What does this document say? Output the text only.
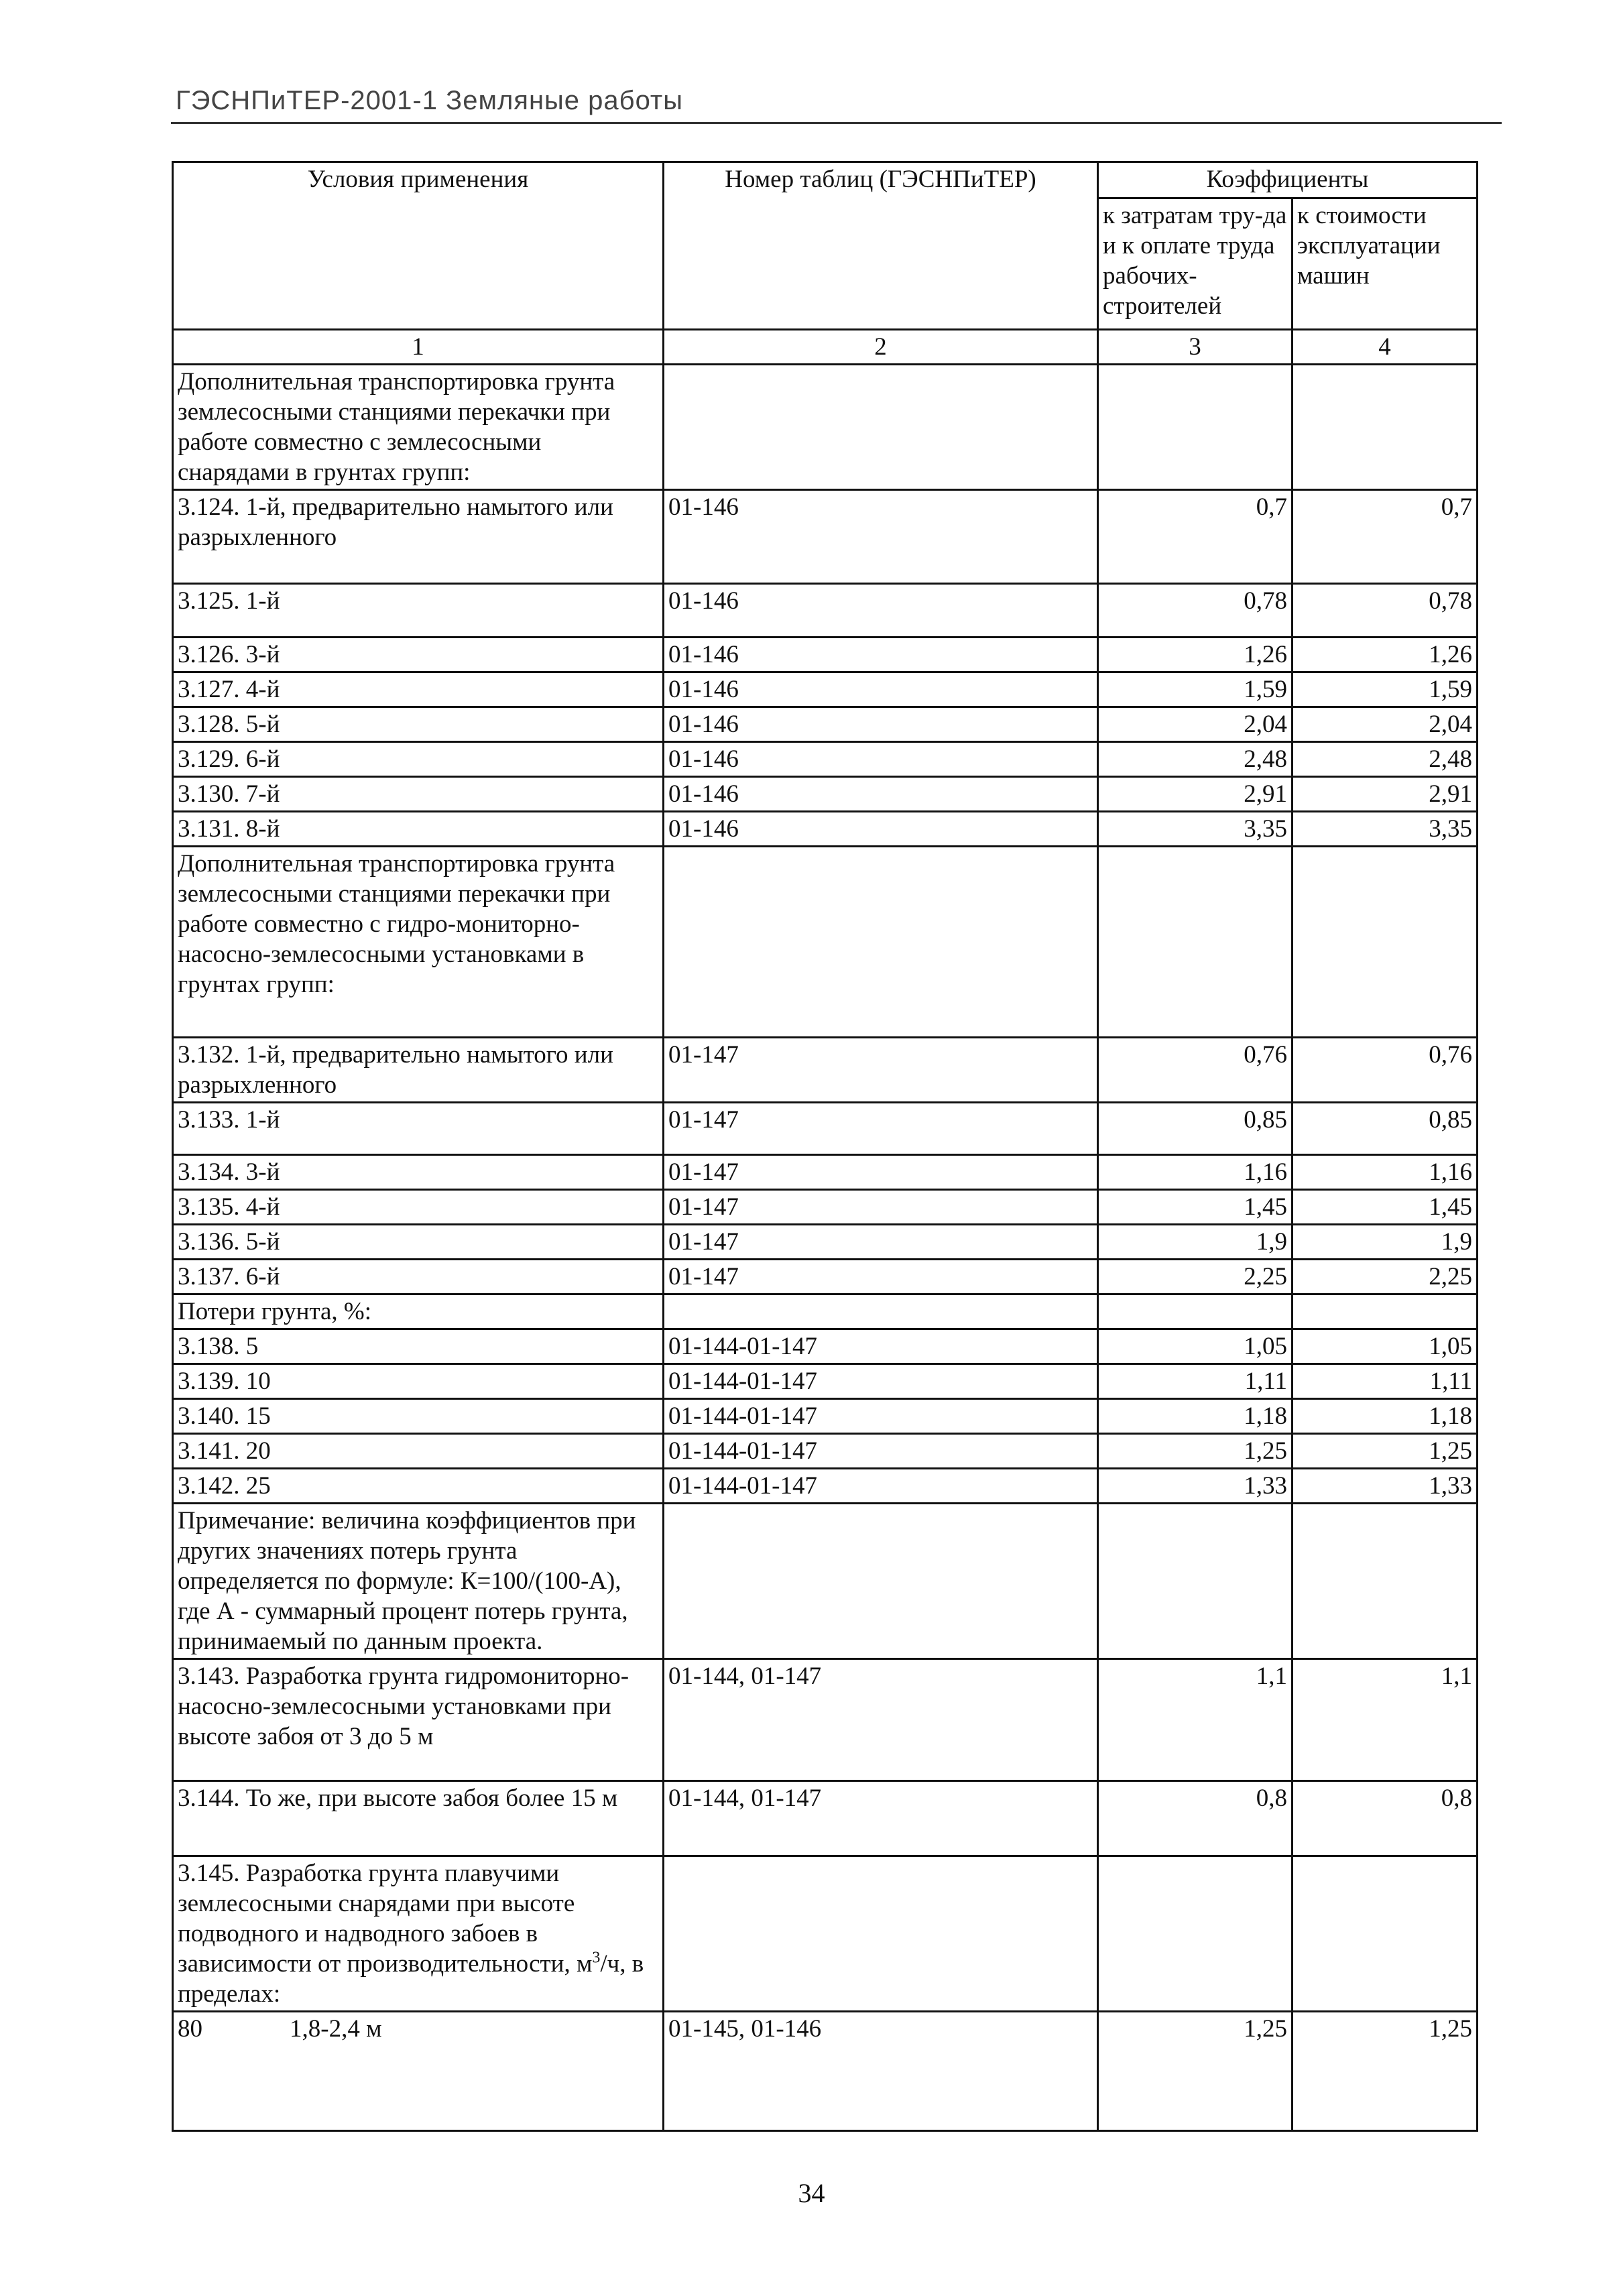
ГЭСНПиТЕР-2001-1 Земляные работы
Условия применения	Номер таблиц (ГЭСНПиТЕР)	Коэффициенты	
		к затратам тру-да и к оплате труда рабочих-строителей	к стоимости эксплуатации машин
1	2	3	4
Дополнительная транспортировка грунта землесосными станциями перекачки при работе совместно с землесосными снарядами в грунтах групп:			
3.124. 1-й, предварительно намытого или разрыхленного	01-146	0,7	0,7
3.125. 1-й	01-146	0,78	0,78
3.126. 3-й	01-146	1,26	1,26
3.127. 4-й	01-146	1,59	1,59
3.128. 5-й	01-146	2,04	2,04
3.129. 6-й	01-146	2,48	2,48
3.130. 7-й	01-146	2,91	2,91
3.131. 8-й	01-146	3,35	3,35
Дополнительная транспортировка грунта землесосными станциями перекачки при работе совместно с гидро-мониторно-насосно-землесосными установками в грунтах групп:			
3.132. 1-й, предварительно намытого или разрыхленного	01-147	0,76	0,76
3.133. 1-й	01-147	0,85	0,85
3.134. 3-й	01-147	1,16	1,16
3.135. 4-й	01-147	1,45	1,45
3.136. 5-й	01-147	1,9	1,9
3.137. 6-й	01-147	2,25	2,25
Потери грунта, %:			
3.138. 5	01-144-01-147	1,05	1,05
3.139. 10	01-144-01-147	1,11	1,11
3.140. 15	01-144-01-147	1,18	1,18
3.141. 20	01-144-01-147	1,25	1,25
3.142. 25	01-144-01-147	1,33	1,33
Примечание: величина коэффициентов при других значениях потерь грунта определяется по формуле: К=100/(100-А), где А - суммарный процент потерь грунта, принимаемый по данным проекта.			
3.143. Разработка грунта гидромониторно-насосно-землесосными установками при высоте забоя от 3 до 5 м	01-144, 01-147	1,1	1,1
3.144. То же, при высоте забоя более 15 м	01-144, 01-147	0,8	0,8
3.145. Разработка грунта плавучими землесосными снарядами при высоте подводного и надводного забоев в зависимости от производительности, $м^3/ч$, в пределах:			
80 1,8-2,4 м	01-145, 01-146	1,25	1,25
34
